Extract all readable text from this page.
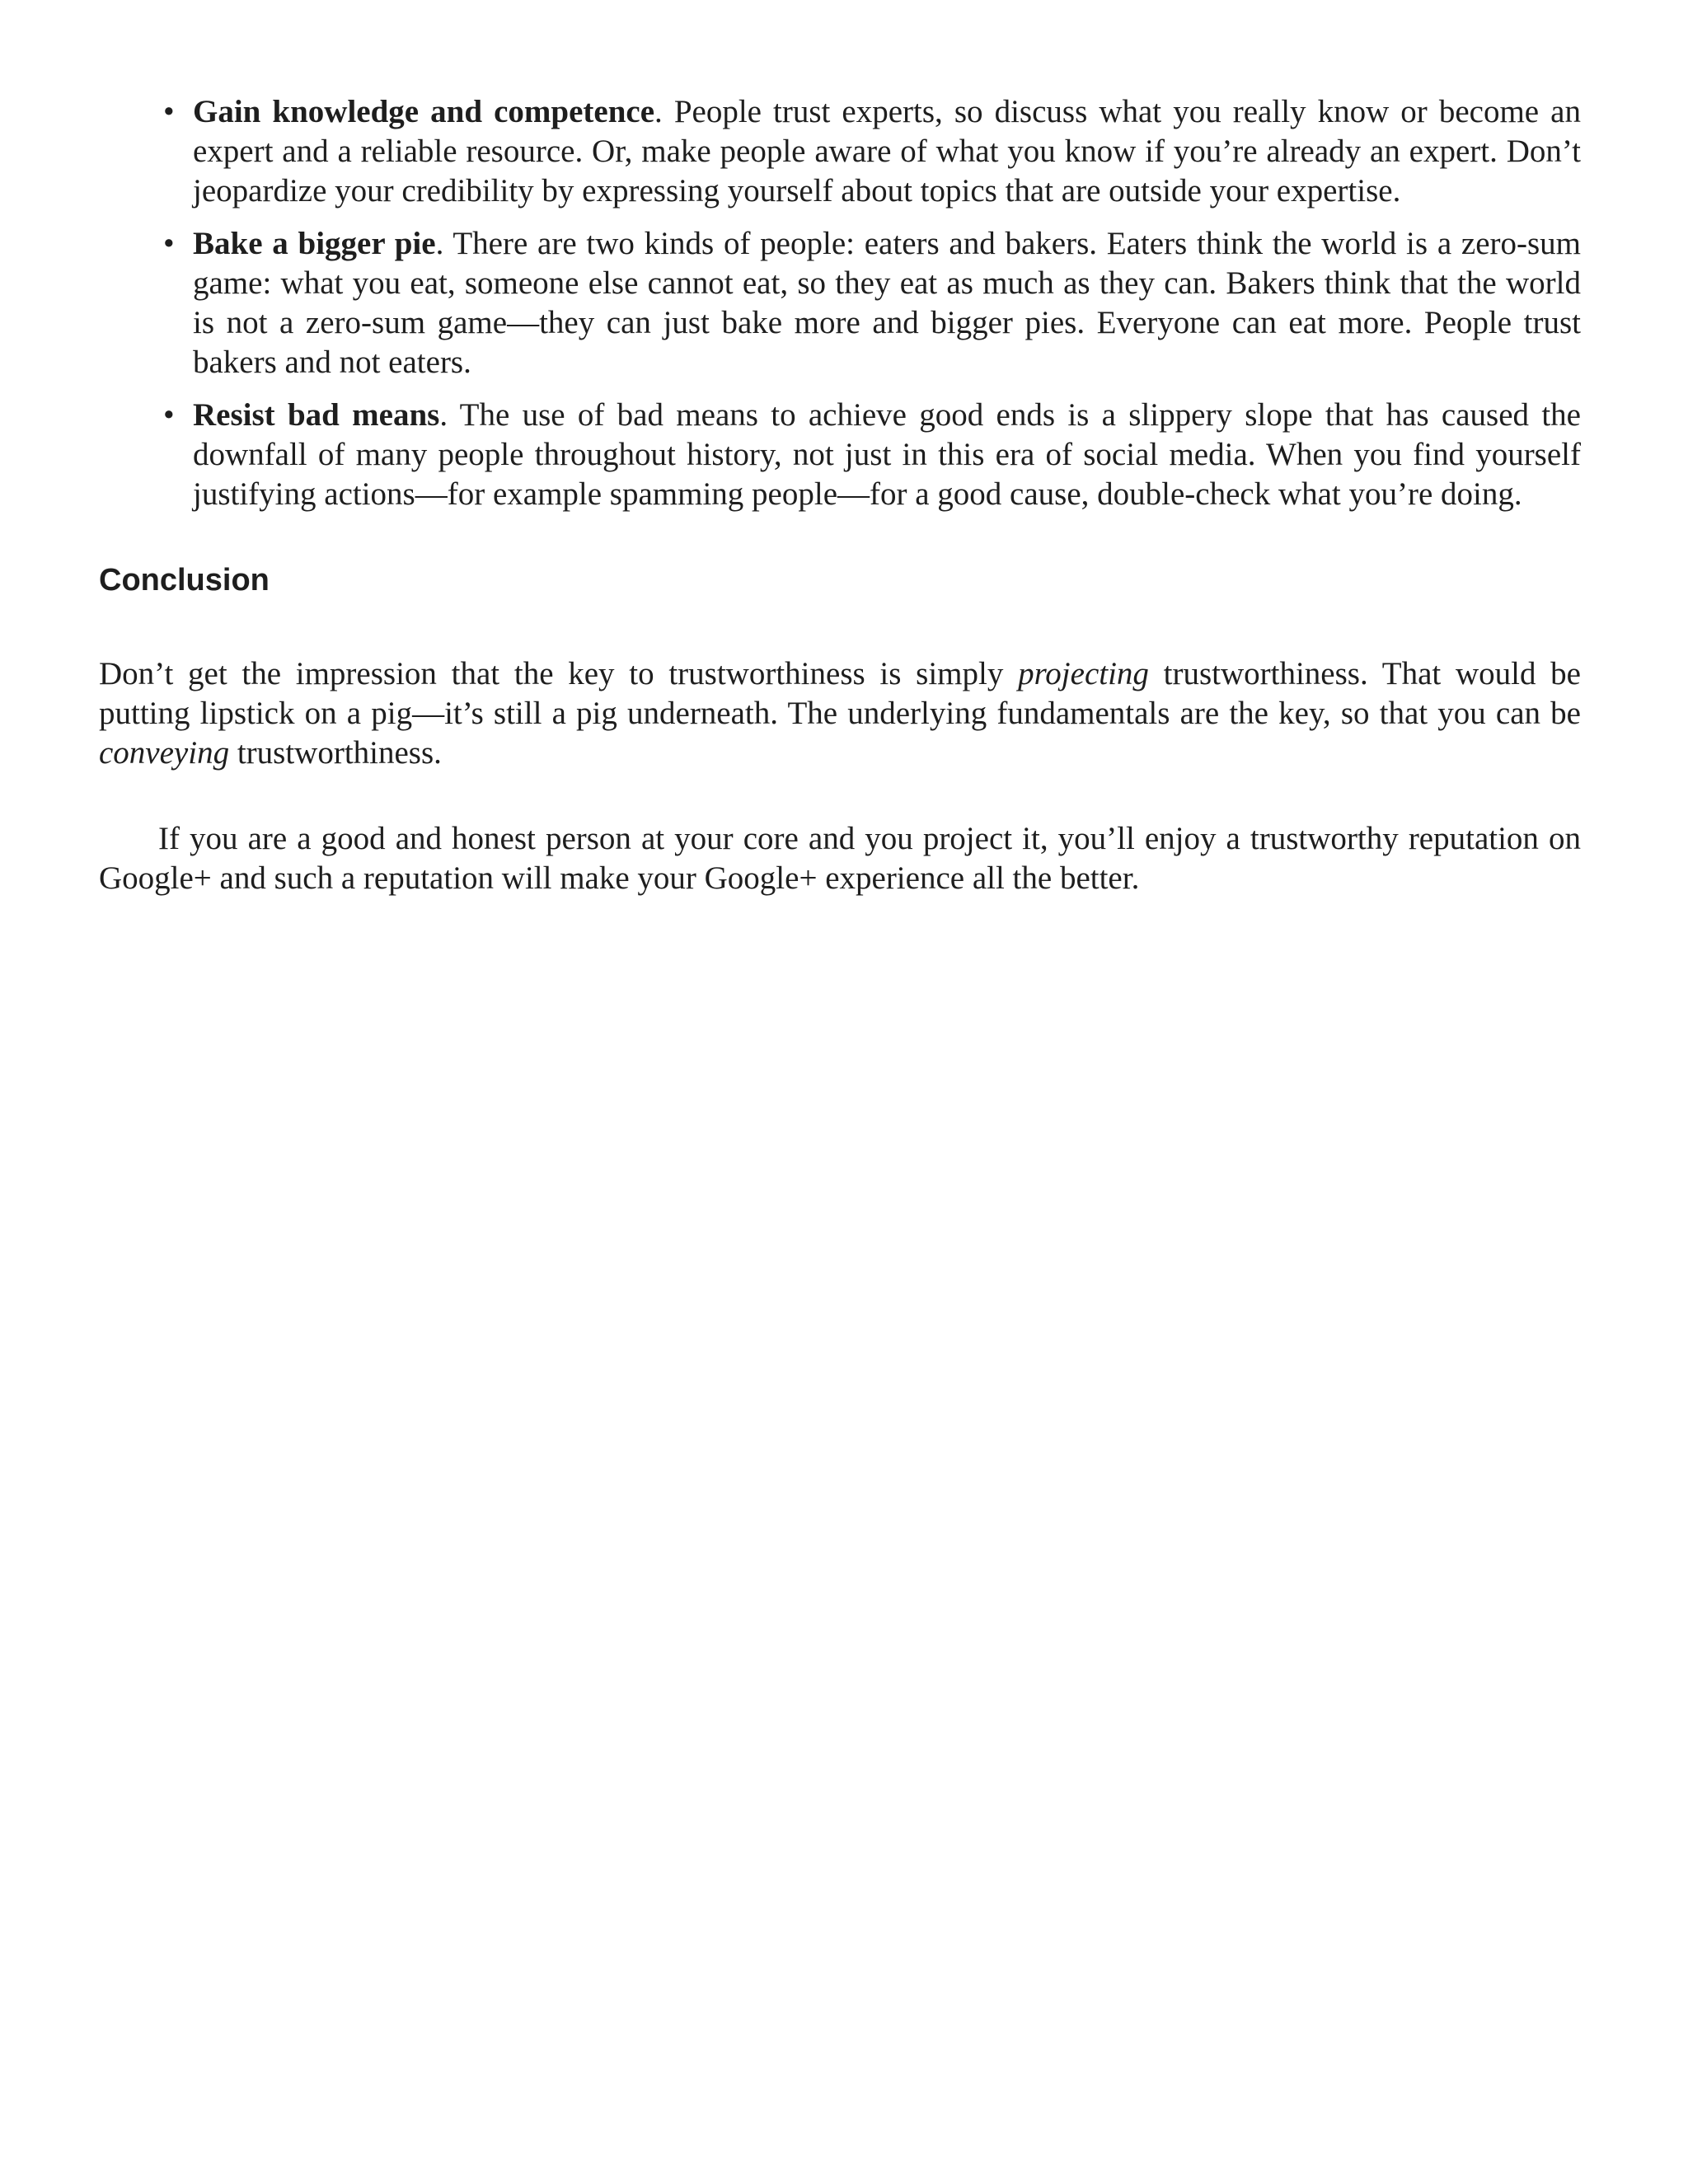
• Gain knowledge and competence. People trust experts, so discuss what you really know or become an expert and a reliable resource. Or, make people aware of what you know if you’re already an expert. Don’t jeopardize your credibility by expressing yourself about topics that are outside your expertise.
• Bake a bigger pie. There are two kinds of people: eaters and bakers. Eaters think the world is a zero-sum game: what you eat, someone else cannot eat, so they eat as much as they can. Bakers think that the world is not a zero-sum game—they can just bake more and bigger pies. Everyone can eat more. People trust bakers and not eaters.
• Resist bad means. The use of bad means to achieve good ends is a slippery slope that has caused the downfall of many people throughout history, not just in this era of social media. When you find yourself justifying actions—for example spamming people—for a good cause, double-check what you’re doing.
Conclusion

Don’t get the impression that the key to trustworthiness is simply projecting trustworthiness. That would be putting lipstick on a pig—it’s still a pig underneath. The underlying fundamentals are the key, so that you can be conveying trustworthiness.

If you are a good and honest person at your core and you project it, you’ll enjoy a trustworthy reputation on Google+ and such a reputation will make your Google+ experience all the better.
